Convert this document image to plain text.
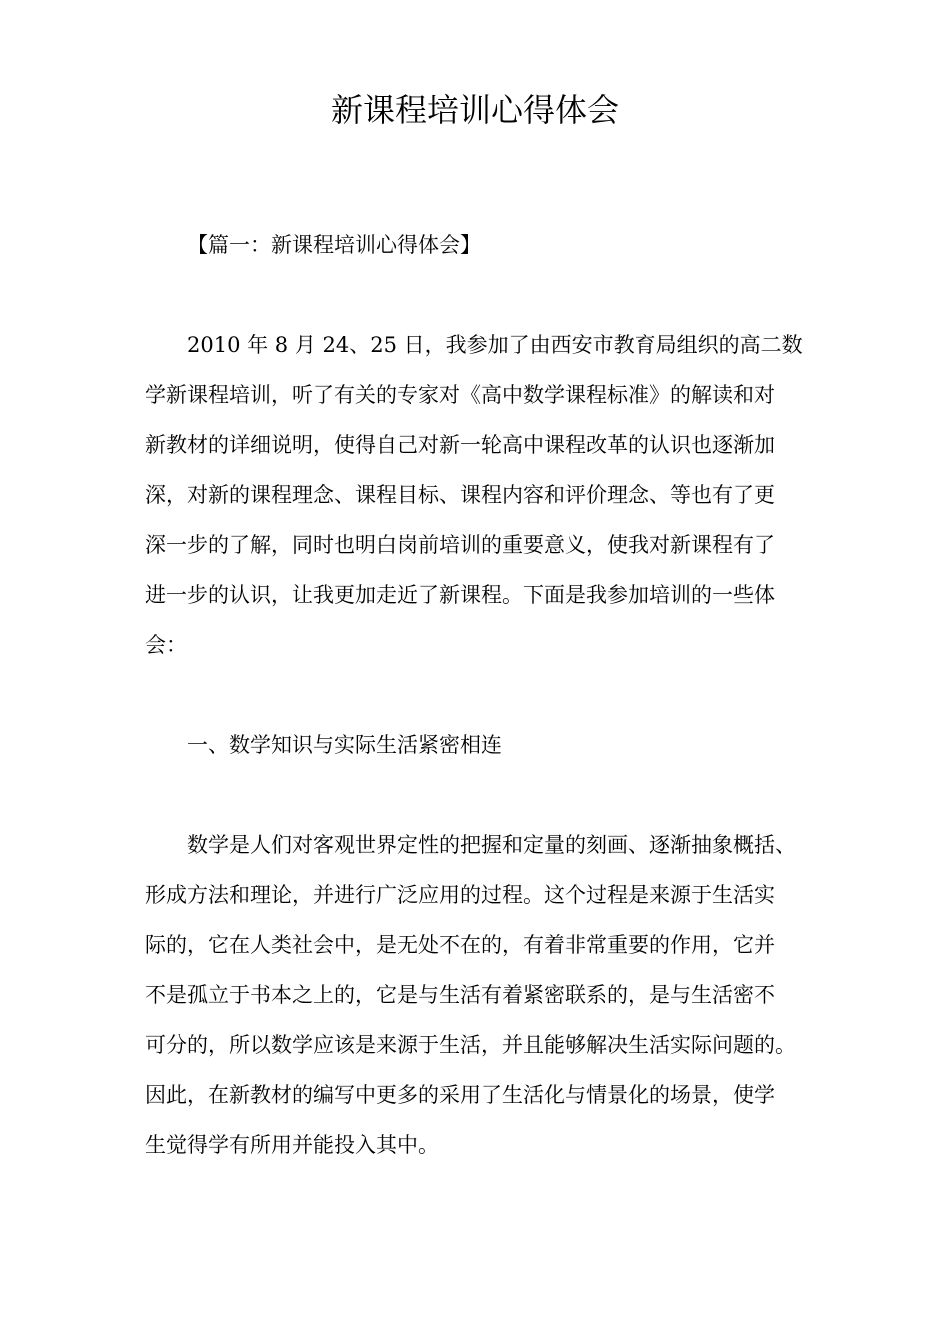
新课程培训心得体会

【篇一：新课程培训心得体会】

2010 年 8 月 24、25 日，我参加了由西安市教育局组织的高二数

学新课程培训，听了有关的专家对《高中数学课程标准》的解读和对

新教材的详细说明，使得自己对新一轮高中课程改革的认识也逐渐加

深，对新的课程理念、课程目标、课程内容和评价理念、等也有了更

深一步的了解，同时也明白岗前培训的重要意义，使我对新课程有了

进一步的认识，让我更加走近了新课程。下面是我参加培训的一些体

会：

一、数学知识与实际生活紧密相连

数学是人们对客观世界定性的把握和定量的刻画、逐渐抽象概括、

形成方法和理论，并进行广泛应用的过程。这个过程是来源于生活实

际的，它在人类社会中，是无处不在的，有着非常重要的作用，它并

不是孤立于书本之上的，它是与生活有着紧密联系的，是与生活密不

可分的，所以数学应该是来源于生活，并且能够解决生活实际问题的。

因此，在新教材的编写中更多的采用了生活化与情景化的场景，使学

生觉得学有所用并能投入其中。
